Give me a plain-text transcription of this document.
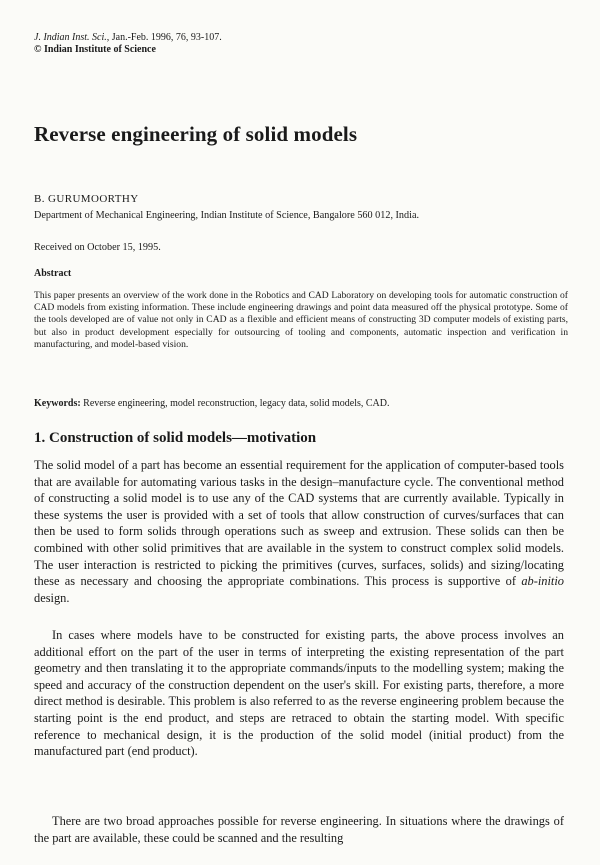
J. Indian Inst. Sci., Jan.-Feb. 1996, 76, 93-107.
© Indian Institute of Science
Reverse engineering of solid models
B. GURUMOORTHY
Department of Mechanical Engineering, Indian Institute of Science, Bangalore 560 012, India.
Received on October 15, 1995.
Abstract
This paper presents an overview of the work done in the Robotics and CAD Laboratory on developing tools for automatic construction of CAD models from existing information. These include engineering drawings and point data measured off the physical prototype. Some of the tools developed are of value not only in CAD as a flexible and efficient means of constructing 3D computer models of existing parts, but also in product development especially for outsourcing of tooling and components, automatic inspection and verification in manufacturing, and model-based vision.
Keywords: Reverse engineering, model reconstruction, legacy data, solid models, CAD.
1. Construction of solid models—motivation

The solid model of a part has become an essential requirement for the application of computer-based tools that are available for automating various tasks in the design–manufacture cycle. The conventional method of constructing a solid model is to use any of the CAD systems that are currently available. Typically in these systems the user is provided with a set of tools that allow construction of curves/surfaces that can then be used to form solids through operations such as sweep and extrusion. These solids can then be combined with other solid primitives that are available in the system to construct complex solid models. The user interaction is restricted to picking the primitives (curves, surfaces, solids) and sizing/locating these as necessary and choosing the appropriate combinations. This process is supportive of ab-initio design.

In cases where models have to be constructed for existing parts, the above process involves an additional effort on the part of the user in terms of interpreting the existing representation of the part geometry and then translating it to the appropriate commands/inputs to the modelling system; making the speed and accuracy of the construction dependent on the user's skill. For existing parts, therefore, a more direct method is desirable. This problem is also referred to as the reverse engineering problem because the starting point is the end product, and steps are retraced to obtain the starting model. With specific reference to mechanical design, it is the production of the solid model (initial product) from the manufactured part (end product).

There are two broad approaches possible for reverse engineering. In situations where the drawings of the part are available, these could be scanned and the resulting
